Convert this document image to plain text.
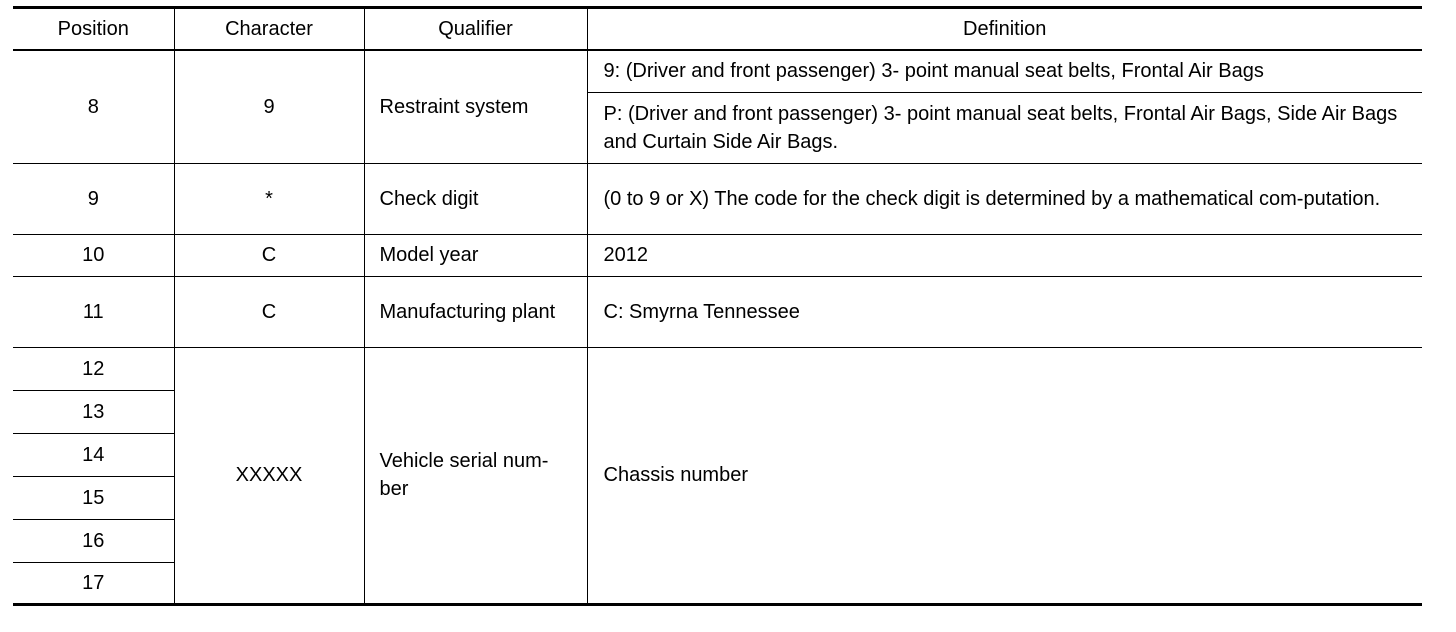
Position	Character	Qualifier	Definition
8	9	Restraint system	9: (Driver and front passenger) 3- point manual seat belts, Frontal Air Bags
			P: (Driver and front passenger) 3- point manual seat belts, Frontal Air Bags, Side Air Bags and Curtain Side Air Bags.
9	*	Check digit	(0 to 9 or X) The code for the check digit is determined by a mathematical com-putation.
10	C	Model year	2012
11	C	Manufacturing plant	C: Smyrna Tennessee
12	XXXXX	Vehicle serial num-ber	Chassis number
13			
14			
15			
16			
17			
